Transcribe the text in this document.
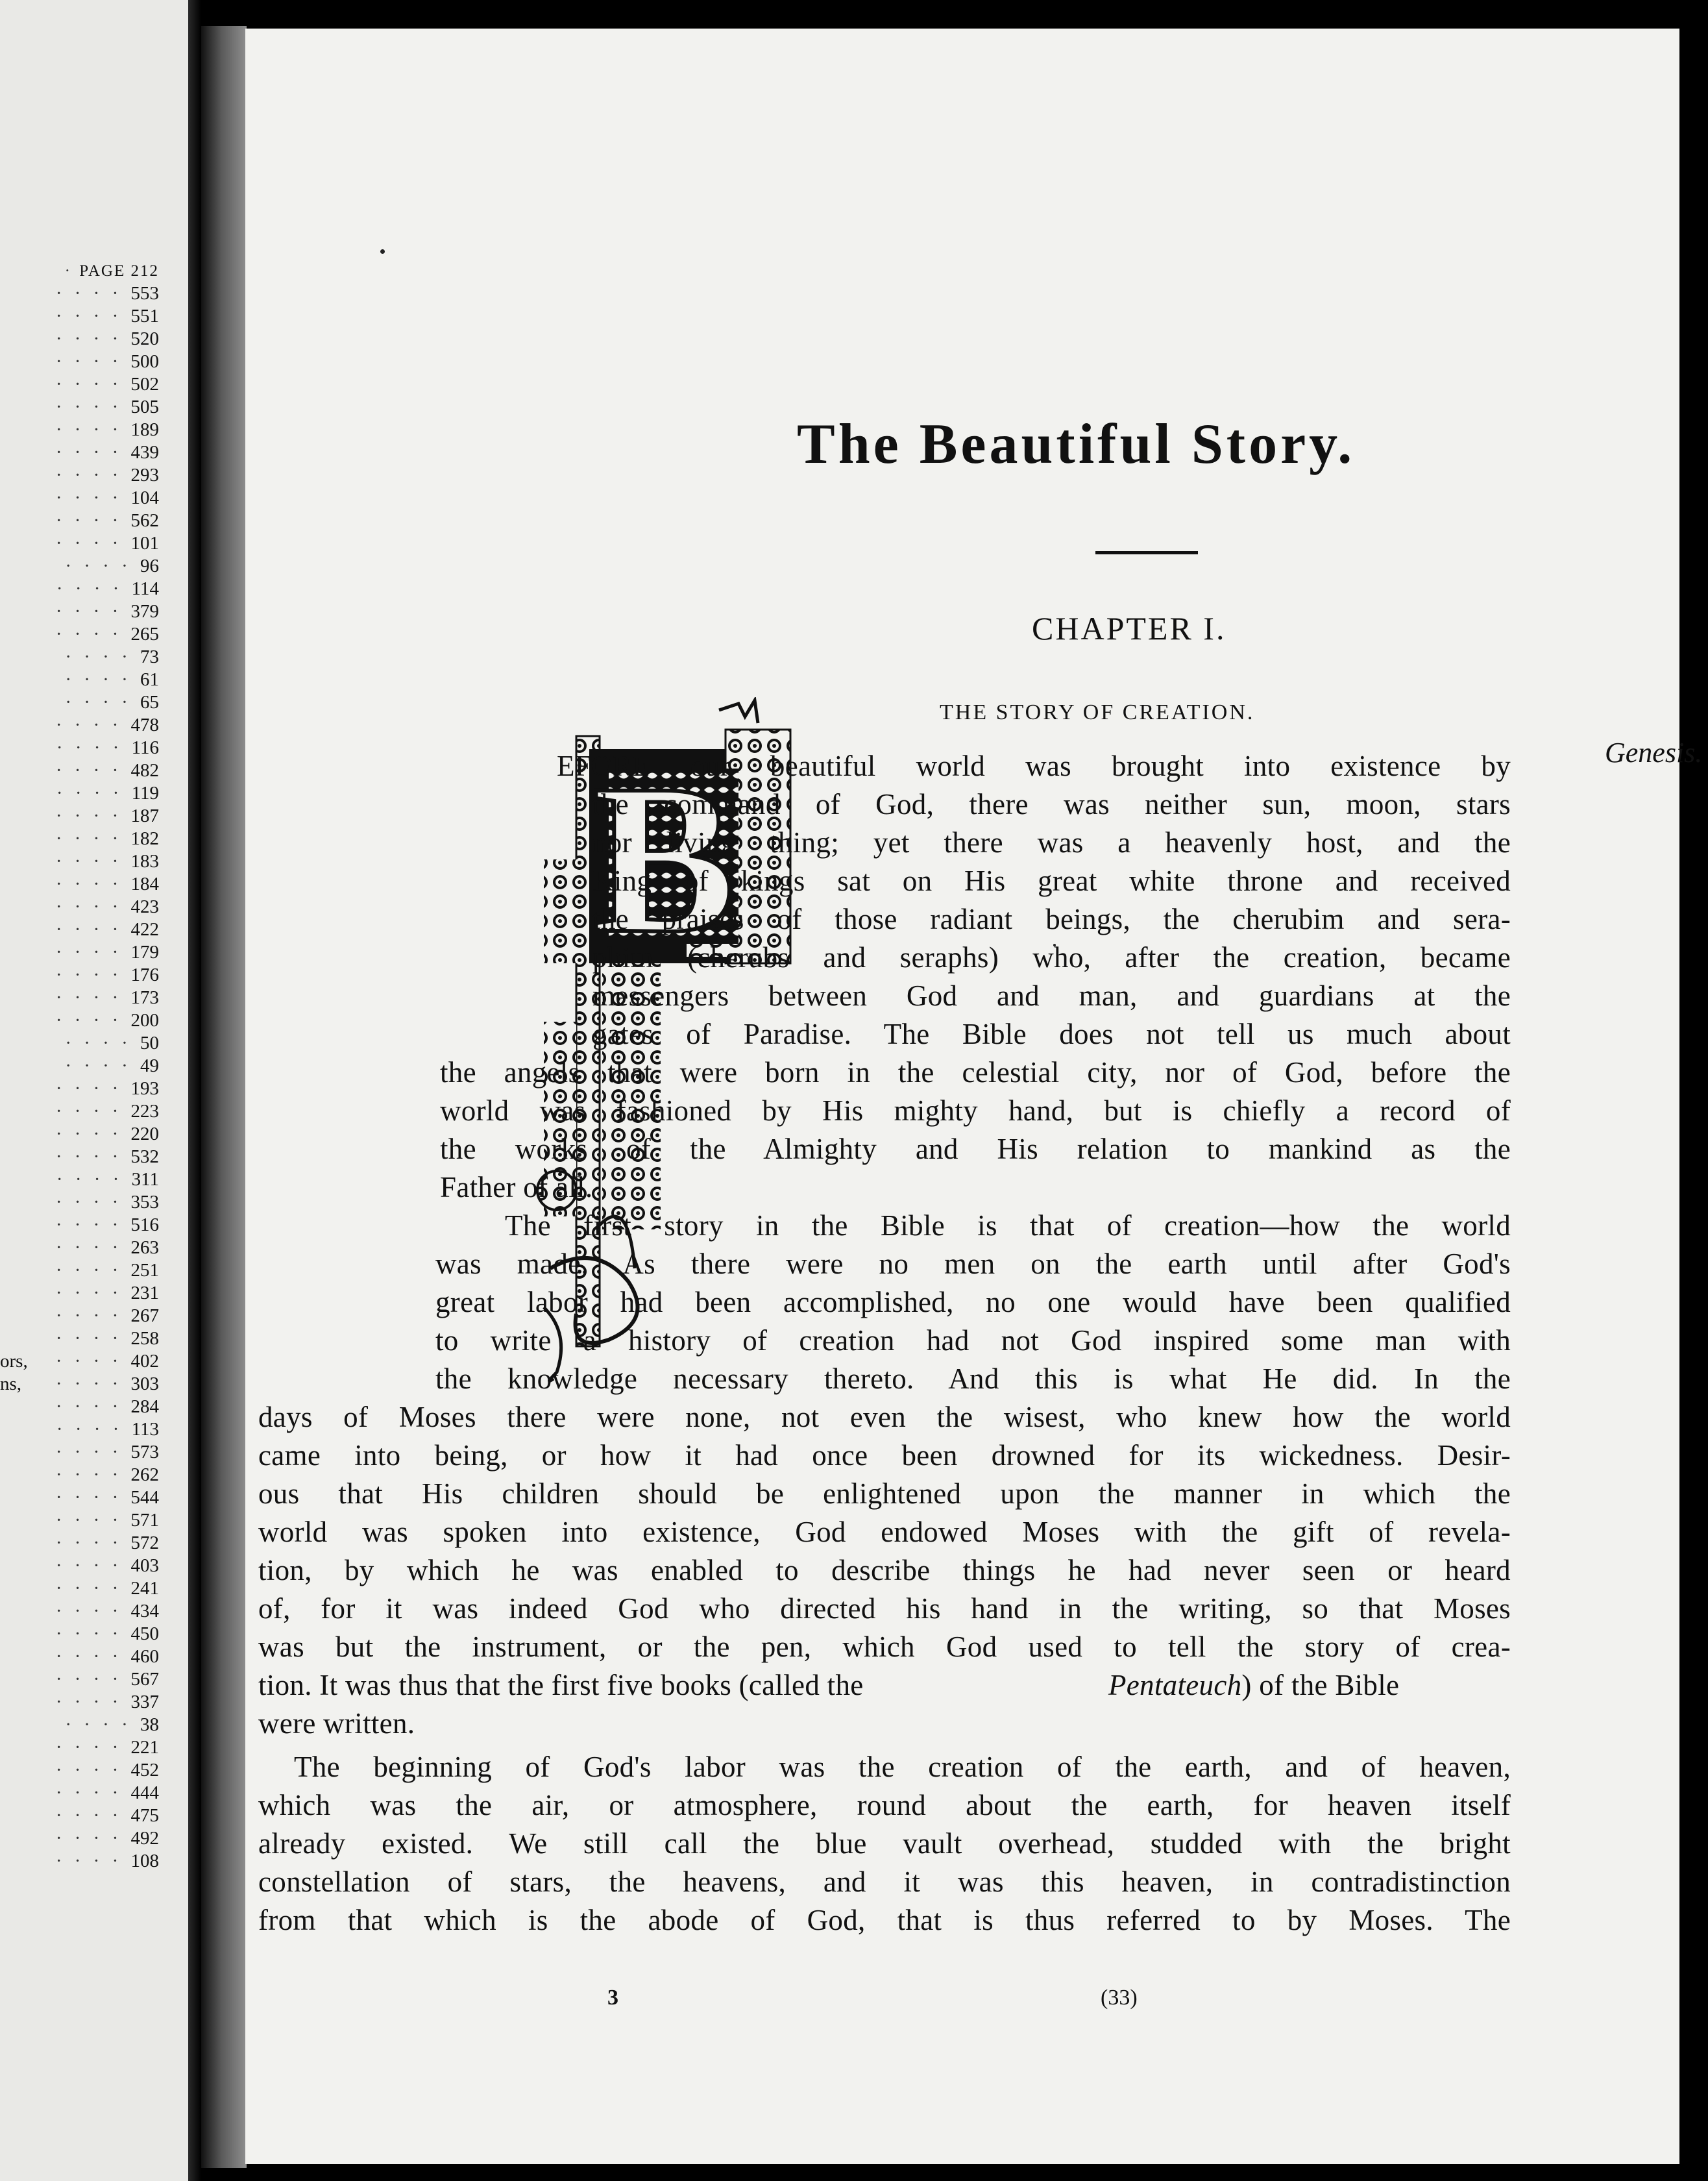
· PAGE 212
· · · · 553
· · · · 551
· · · · 520
· · · · 500
· · · · 502
· · · · 505
· · · · 189
· · · · 439
· · · · 293
· · · · 104
· · · · 562
· · · · 101
· · · · 96
· · · · 114
· · · · 379
· · · · 265
· · · · 73
· · · · 61
· · · · 65
· · · · 478
· · · · 116
· · · · 482
· · · · 119
· · · · 187
· · · · 182
· · · · 183
· · · · 184
· · · · 423
· · · · 422
· · · · 179
· · · · 176
· · · · 173
· · · · 200
· · · · 50
· · · · 49
· · · · 193
· · · · 223
· · · · 220
· · · · 532
· · · · 311
· · · · 353
· · · · 516
· · · · 263
· · · · 251
· · · · 231
· · · · 267
· · · · 258
· · · · 402
· · · · 303
· · · · 284
· · · · 113
· · · · 573
· · · · 262
· · · · 544
· · · · 571
· · · · 572
· · · · 403
· · · · 241
· · · · 434
· · · · 450
· · · · 460
· · · · 567
· · · · 337
· · · · 38
· · · · 221
· · · · 452
· · · · 444
· · · · 475
· · · · 492
· · · · 108
ors,
ns,
The Beautiful Story.
CHAPTER I.
THE STORY OF CREATION.
Genesis.
B
EFORE our beautiful world was brought into existence by
the command of God, there was neither sun, moon, stars
nor living thing; yet there was a heavenly host, and the
King of kings sat on His great white throne and received
the praises of those radiant beings, the cherubim and sera-
phim (cherubs and seraphs) who, after the creation, became
messengers between God and man, and guardians at the
gates of Paradise. The Bible does not tell us much about
the angels that were born in the celestial city, nor of God, before the
world was fashioned by His mighty hand, but is chiefly a record of
the works of the Almighty and His relation to mankind as the
Father of all.
The first story in the Bible is that of creation—how the world
was made. As there were no men on the earth until after God's
great labor had been accomplished, no one would have been qualified
to write a history of creation had not God inspired some man with
the knowledge necessary thereto. And this is what He did. In the
days of Moses there were none, not even the wisest, who knew how the world
came into being, or how it had once been drowned for its wickedness. Desir-
ous that His children should be enlightened upon the manner in which the
world was spoken into existence, God endowed Moses with the gift of revela-
tion, by which he was enabled to describe things he had never seen or heard
of, for it was indeed God who directed his hand in the writing, so that Moses
was but the instrument, or the pen, which God used to tell the story of crea-
tion. It was thus that the first five books (called the	Pentateuch) of the Bible
were written.
The beginning of God's labor was the creation of the earth, and of heaven,
which was the air, or atmosphere, round about the earth, for heaven itself
already existed. We still call the blue vault overhead, studded with the bright
constellation of stars, the heavens, and it was this heaven, in contradistinction
from that which is the abode of God, that is thus referred to by Moses. The
3	(33)
